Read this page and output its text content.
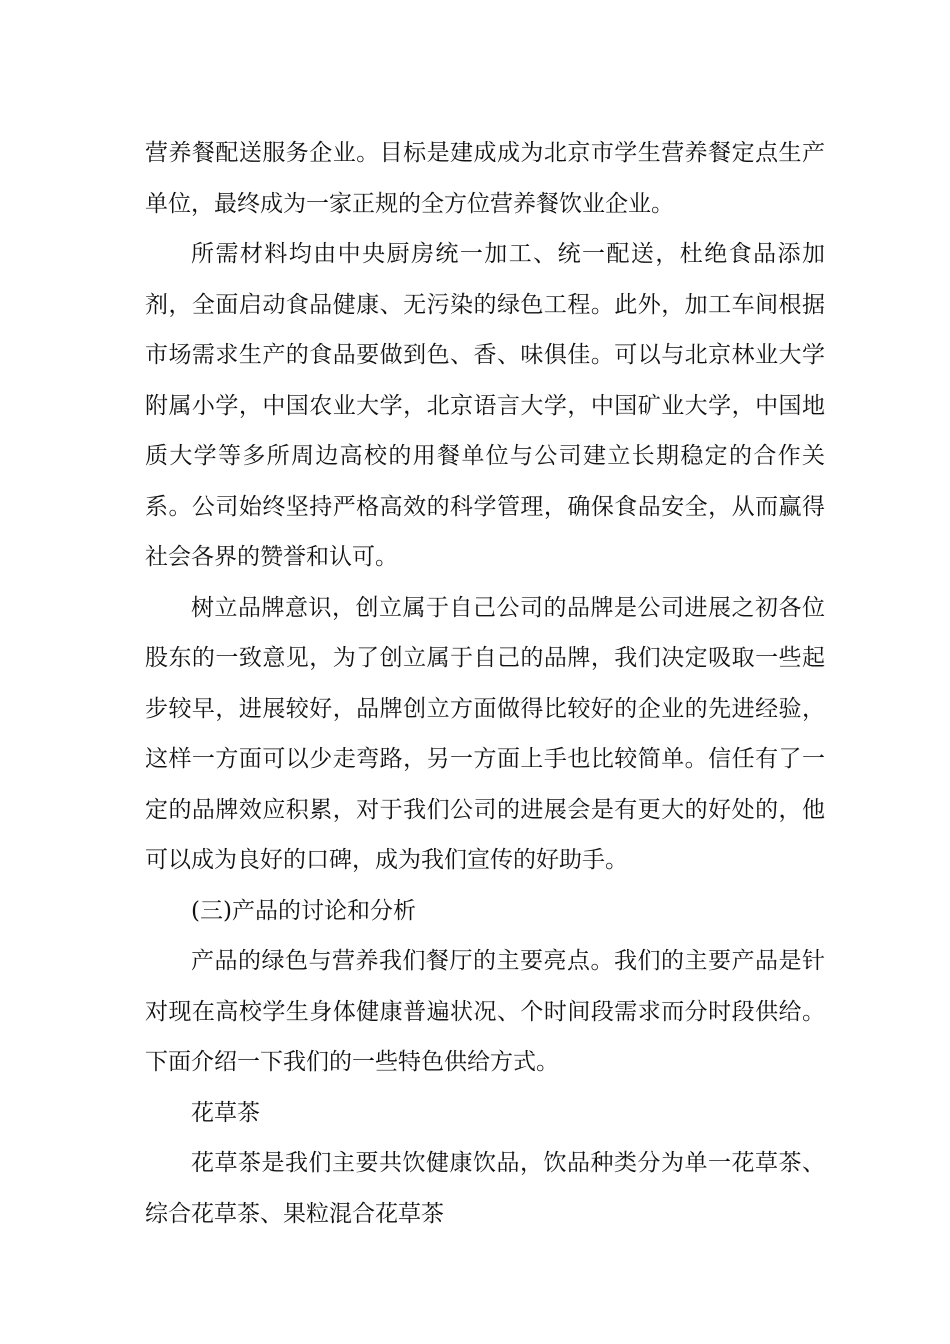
营养餐配送服务企业。目标是建成成为北京市学生营养餐定点生产单位，最终成为一家正规的全方位营养餐饮业企业。

所需材料均由中央厨房统一加工、统一配送，杜绝食品添加剂，全面启动食品健康、无污染的绿色工程。此外，加工车间根据市场需求生产的食品要做到色、香、味俱佳。可以与北京林业大学附属小学，中国农业大学，北京语言大学，中国矿业大学，中国地质大学等多所周边高校的用餐单位与公司建立长期稳定的合作关系。公司始终坚持严格高效的科学管理，确保食品安全，从而赢得社会各界的赞誉和认可。

树立品牌意识，创立属于自己公司的品牌是公司进展之初各位股东的一致意见，为了创立属于自己的品牌，我们决定吸取一些起步较早，进展较好，品牌创立方面做得比较好的企业的先进经验，这样一方面可以少走弯路，另一方面上手也比较简单。信任有了一定的品牌效应积累，对于我们公司的进展会是有更大的好处的，他可以成为良好的口碑，成为我们宣传的好助手。

(三)产品的讨论和分析

产品的绿色与营养我们餐厅的主要亮点。我们的主要产品是针对现在高校学生身体健康普遍状况、个时间段需求而分时段供给。下面介绍一下我们的一些特色供给方式。

花草茶

花草茶是我们主要共饮健康饮品，饮品种类分为单一花草茶、综合花草茶、果粒混合花草茶
